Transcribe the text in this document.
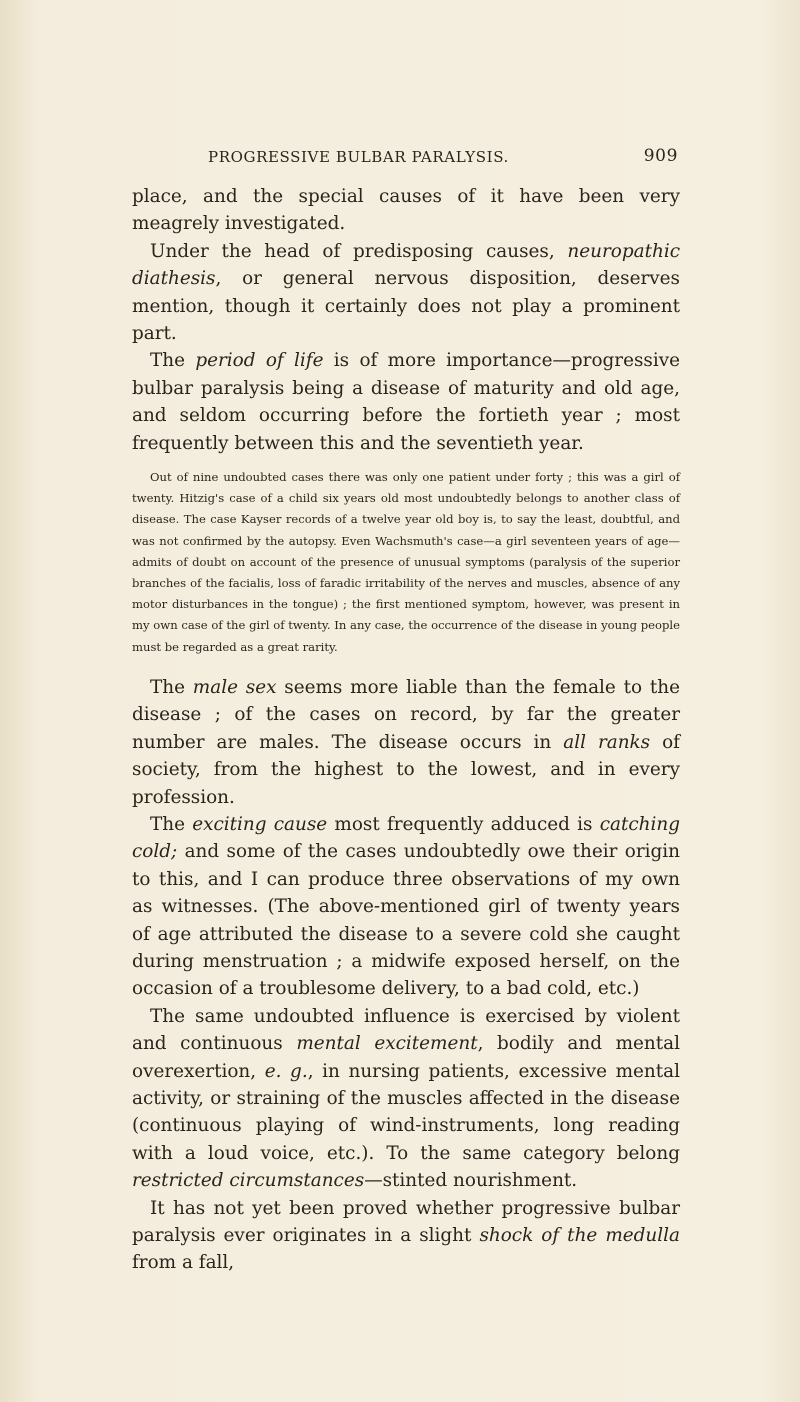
PROGRESSIVE BULBAR PARALYSIS.	909

place, and the special causes of it have been very meagrely investigated.

Under the head of predisposing causes, neuropathic diathesis, or general nervous disposition, deserves mention, though it certainly does not play a prominent part.

The period of life is of more importance—progressive bulbar paralysis being a disease of maturity and old age, and seldom occurring before the fortieth year ; most frequently between this and the seventieth year.

Out of nine undoubted cases there was only one patient under forty ; this was a girl of twenty. Hitzig's case of a child six years old most undoubtedly belongs to another class of disease. The case Kayser records of a twelve year old boy is, to say the least, doubtful, and was not confirmed by the autopsy. Even Wachsmuth's case—a girl seventeen years of age—admits of doubt on account of the presence of unusual symptoms (paralysis of the superior branches of the facialis, loss of faradic irritability of the nerves and muscles, absence of any motor disturbances in the tongue) ; the first mentioned symptom, however, was present in my own case of the girl of twenty. In any case, the occurrence of the disease in young people must be regarded as a great rarity.

The male sex seems more liable than the female to the disease ; of the cases on record, by far the greater number are males. The disease occurs in all ranks of society, from the highest to the lowest, and in every profession.

The exciting cause most frequently adduced is catching cold; and some of the cases undoubtedly owe their origin to this, and I can produce three observations of my own as witnesses. (The above-mentioned girl of twenty years of age attributed the disease to a severe cold she caught during menstruation ; a midwife exposed herself, on the occasion of a troublesome delivery, to a bad cold, etc.)

The same undoubted influence is exercised by violent and continuous mental excitement, bodily and mental overexertion, e. g., in nursing patients, excessive mental activity, or straining of the muscles affected in the disease (continuous playing of wind-instruments, long reading with a loud voice, etc.). To the same category belong restricted circumstances—stinted nourishment.

It has not yet been proved whether progressive bulbar paralysis ever originates in a slight shock of the medulla from a fall,
